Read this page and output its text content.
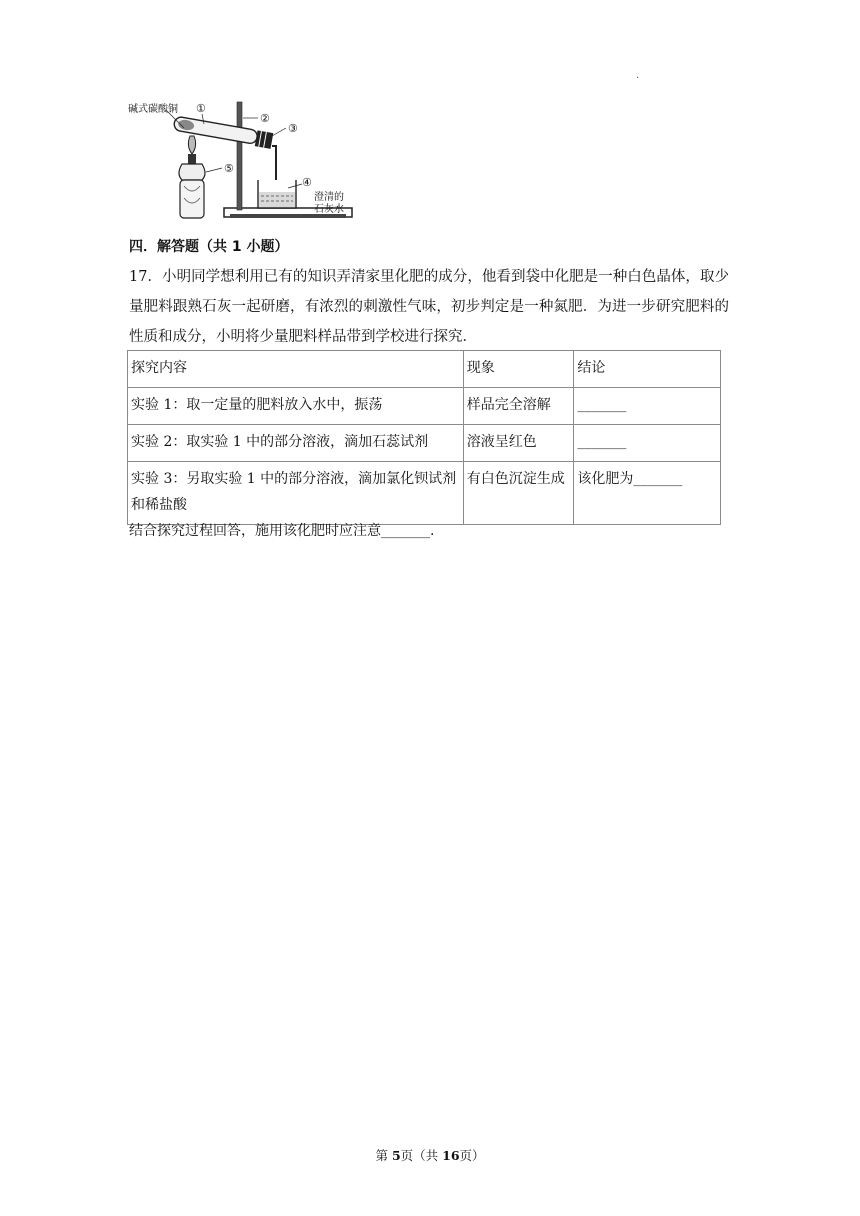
.
碱式碳酸铜 ①
②
③
④
⑤
澄清的
石灰水
四．解答题（共 1 小题）
17．小明同学想利用已有的知识弄清家里化肥的成分，他看到袋中化肥是一种白色晶体，取少量肥料跟熟石灰一起研磨，有浓烈的刺激性气味，初步判定是一种氮肥．为进一步研究肥料的性质和成分，小明将少量肥料样品带到学校进行探究．
探究内容	现象	结论
实验 1：取一定量的肥料放入水中，振荡	样品完全溶解	_______
实验 2：取实验 1 中的部分溶液，滴加石蕊试剂	溶液呈红色	_______
实验 3：另取实验 1 中的部分溶液，滴加氯化钡试剂和稀盐酸	有白色沉淀生成	该化肥为_______
结合探究过程回答，施用该化肥时应注意_______.
第 5页（共 16页）
